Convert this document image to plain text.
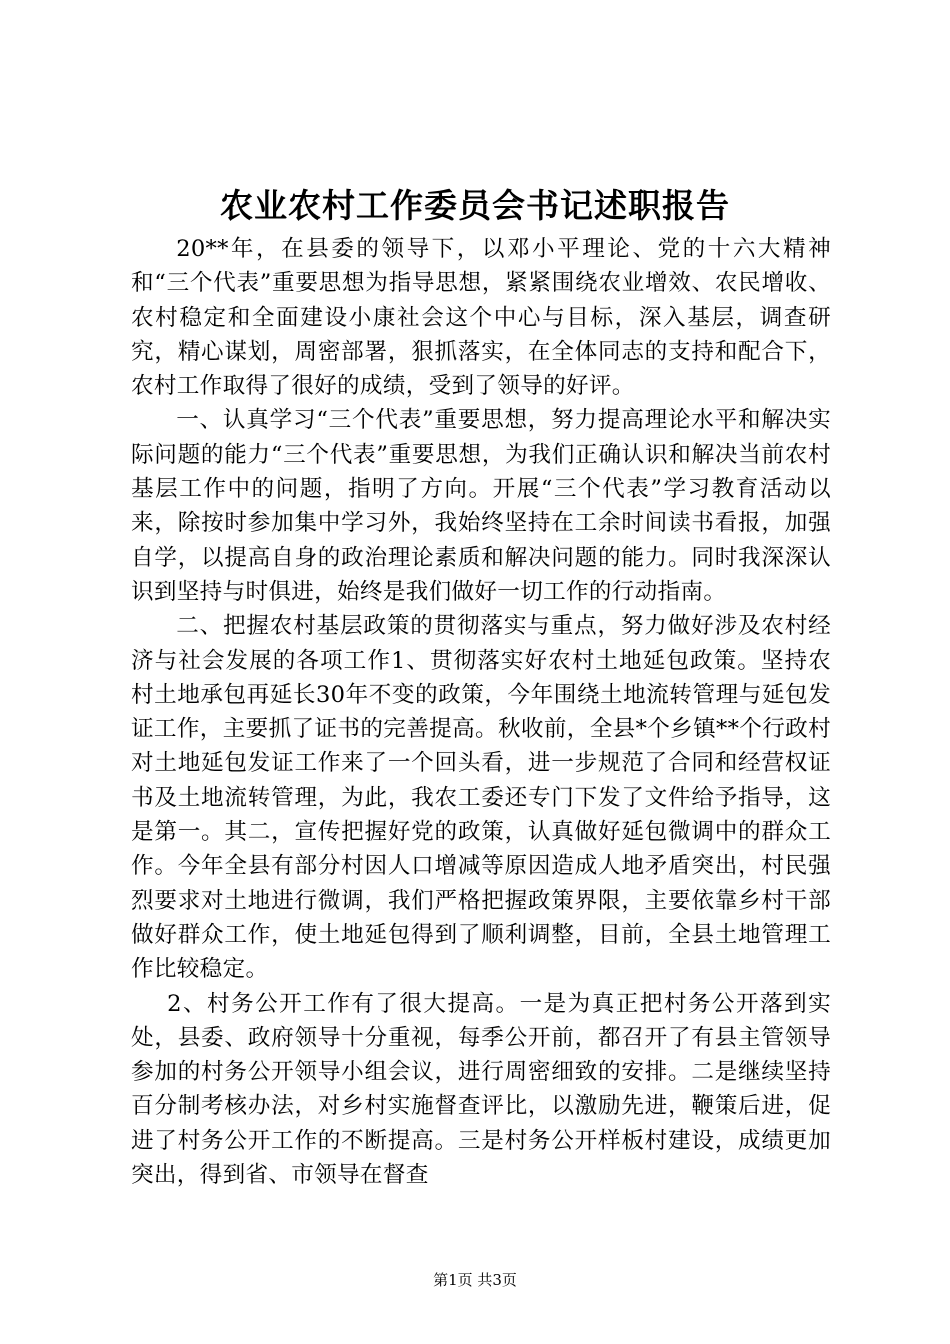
农业农村工作委员会书记述职报告

20**年，在县委的领导下，以邓小平理论、党的十六大精神和“三个代表”重要思想为指导思想，紧紧围绕农业增效、农民增收、农村稳定和全面建设小康社会这个中心与目标，深入基层，调查研究，精心谋划，周密部署，狠抓落实，在全体同志的支持和配合下，农村工作取得了很好的成绩，受到了领导的好评。

一、认真学习“三个代表”重要思想，努力提高理论水平和解决实际问题的能力“三个代表”重要思想，为我们正确认识和解决当前农村基层工作中的问题，指明了方向。开展“三个代表”学习教育活动以来，除按时参加集中学习外，我始终坚持在工余时间读书看报，加强自学，以提高自身的政治理论素质和解决问题的能力。同时我深深认识到坚持与时俱进，始终是我们做好一切工作的行动指南。

二、把握农村基层政策的贯彻落实与重点，努力做好涉及农村经济与社会发展的各项工作1、贯彻落实好农村土地延包政策。坚持农村土地承包再延长30年不变的政策，今年围绕土地流转管理与延包发证工作，主要抓了证书的完善提高。秋收前，全县*个乡镇**个行政村对土地延包发证工作来了一个回头看，进一步规范了合同和经营权证书及土地流转管理，为此，我农工委还专门下发了文件给予指导，这是第一。其二，宣传把握好党的政策，认真做好延包微调中的群众工作。今年全县有部分村因人口增减等原因造成人地矛盾突出，村民强烈要求对土地进行微调，我们严格把握政策界限，主要依靠乡村干部做好群众工作，使土地延包得到了顺利调整，目前，全县土地管理工作比较稳定。

2、村务公开工作有了很大提高。一是为真正把村务公开落到实处，县委、政府领导十分重视，每季公开前，都召开了有县主管领导参加的村务公开领导小组会议，进行周密细致的安排。二是继续坚持百分制考核办法，对乡村实施督查评比，以激励先进，鞭策后进，促进了村务公开工作的不断提高。三是村务公开样板村建设，成绩更加突出，得到省、市领导在督查

第1页 共3页
